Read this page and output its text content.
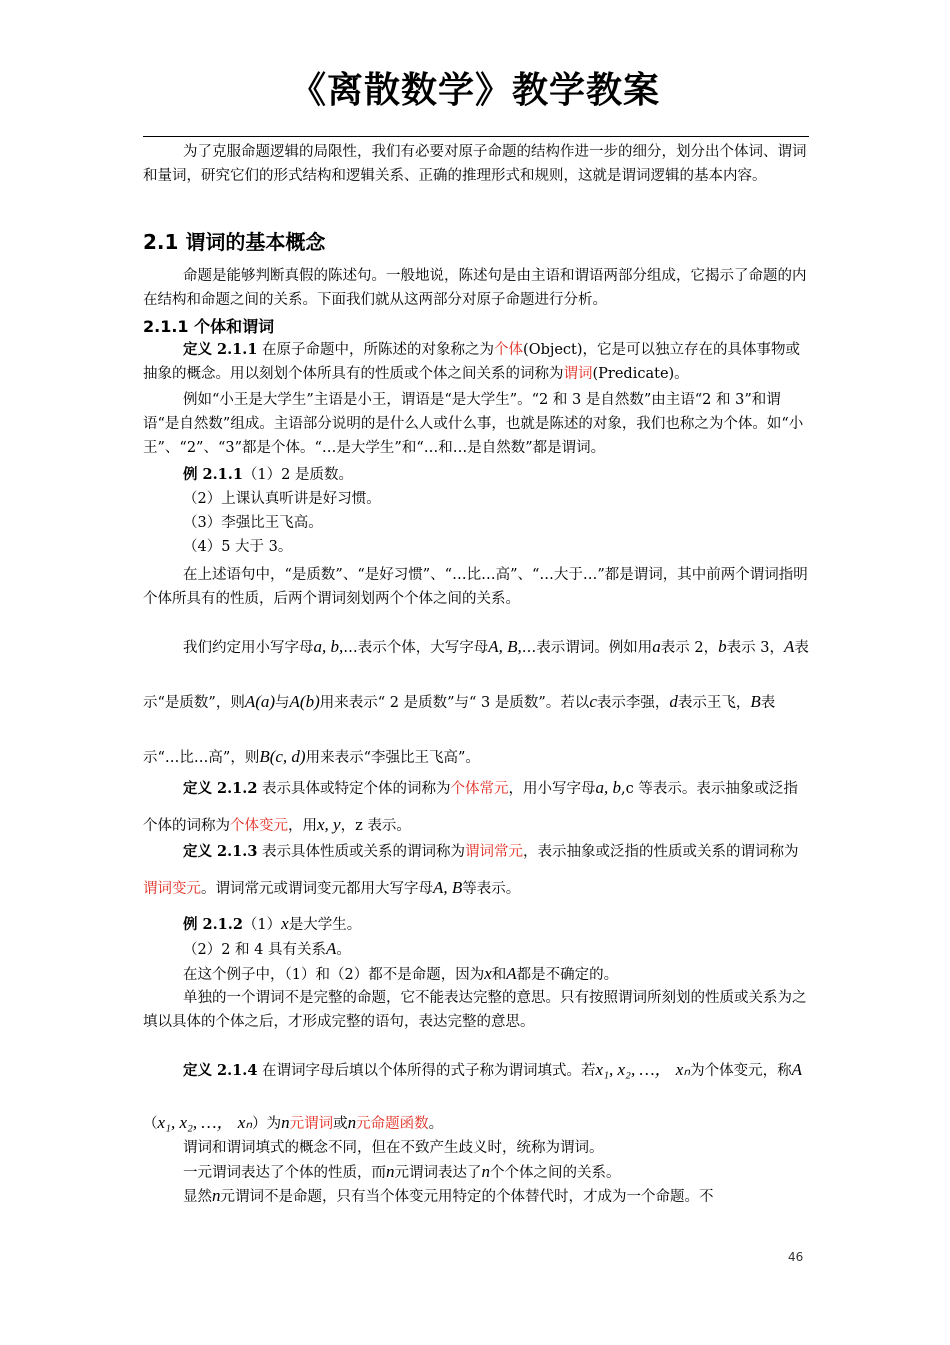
《离散数学》教学教案
为了克服命题逻辑的局限性，我们有必要对原子命题的结构作进一步的细分，划分出个体词、谓词和量词，研究它们的形式结构和逻辑关系、正确的推理形式和规则，这就是谓词逻辑的基本内容。
2.1 谓词的基本概念
命题是能够判断真假的陈述句。一般地说，陈述句是由主语和谓语两部分组成，它揭示了命题的内在结构和命题之间的关系。下面我们就从这两部分对原子命题进行分析。
2.1.1 个体和谓词
定义 2.1.1 在原子命题中，所陈述的对象称之为个体(Object)，它是可以独立存在的具体事物或抽象的概念。用以刻划个体所具有的性质或个体之间关系的词称为谓词(Predicate)。
例如“小王是大学生”主语是小王，谓语是“是大学生”。“2 和 3 是自然数”由主语“2 和 3”和谓语“是自然数”组成。主语部分说明的是什么人或什么事，也就是陈述的对象，我们也称之为个体。如“小王”、“2”、“3”都是个体。“…是大学生”和“…和…是自然数”都是谓词。
例 2.1.1（1）2 是质数。
（2）上课认真听讲是好习惯。
（3）李强比王飞高。
（4）5 大于 3。
在上述语句中，“是质数”、“是好习惯”、“…比…高”、“…大于…”都是谓词，其中前两个谓词指明个体所具有的性质，后两个谓词刻划两个个体之间的关系。
我们约定用小写字母a, b,…表示个体，大写字母A, B,…表示谓词。例如用a表示 2，b表示 3，A表示“是质数”，则A(a)与A(b)用来表示“ 2 是质数”与“ 3 是质数”。若以c表示李强，d表示王飞，B表示“…比…高”，则B(c, d)用来表示“李强比王飞高”。
定义 2.1.2 表示具体或特定个体的词称为个体常元，用小写字母a, b,c 等表示。表示抽象或泛指个体的词称为个体变元，用x, y，z 表示。
定义 2.1.3 表示具体性质或关系的谓词称为谓词常元，表示抽象或泛指的性质或关系的谓词称为谓词变元。谓词常元或谓词变元都用大写字母A, B等表示。
例 2.1.2（1）x是大学生。
（2）2 和 4 具有关系A。
在这个例子中，（1）和（2）都不是命题，因为x和A都是不确定的。
单独的一个谓词不是完整的命题，它不能表达完整的意思。只有按照谓词所刻划的性质或关系为之填以具体的个体之后，才形成完整的语句，表达完整的意思。
定义 2.1.4 在谓词字母后填以个体所得的式子称为谓词填式。若x₁, x₂, …， xₙ为个体变元，称A（x₁, x₂, …， xₙ）为n元谓词或n元命题函数。
谓词和谓词填式的概念不同，但在不致产生歧义时，统称为谓词。
一元谓词表达了个体的性质，而n元谓词表达了n个个体之间的关系。
显然n元谓词不是命题，只有当个体变元用特定的个体替代时，才成为一个命题。不
46
